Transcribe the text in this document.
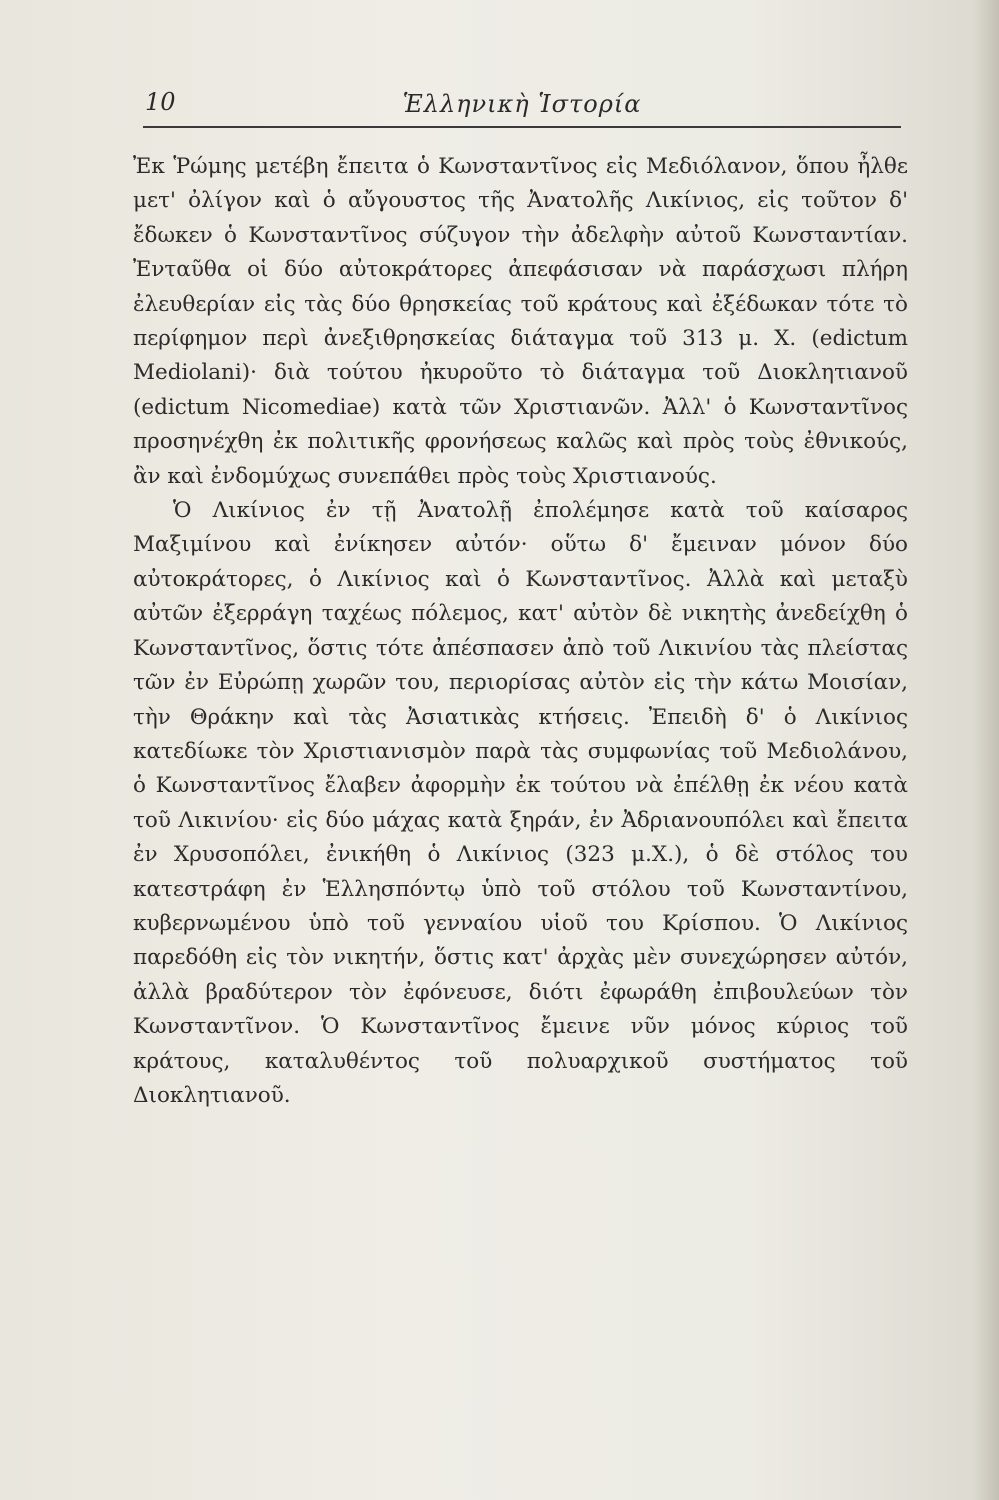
10	Ἑλληνικὴ Ἱστορία

Ἐκ Ῥώμης μετέβη ἔπειτα ὁ Κωνσταντῖνος εἰς Μεδιόλανον, ὅπου ἦλθε μετ' ὀλίγον καὶ ὁ αὔγουστος τῆς Ἀνατολῆς Λικίνιος, εἰς τοῦτον δ' ἔδωκεν ὁ Κωνσταντῖνος σύζυγον τὴν ἀδελφὴν αὐτοῦ Κωνσταντίαν. Ἐνταῦθα οἱ δύο αὐτοκράτορες ἀπεφάσισαν νὰ παράσχωσι πλήρη ἐλευθερίαν εἰς τὰς δύο θρησκείας τοῦ κράτους καὶ ἐξέδωκαν τότε τὸ περίφημον περὶ ἀνεξιθρησκείας διάταγμα τοῦ 313 μ. Χ. (edictum Mediolani)· διὰ τούτου ἠκυροῦτο τὸ διάταγμα τοῦ Διοκλητιανοῦ (edictum Nicomediae) κατὰ τῶν Χριστιανῶν. Ἀλλ' ὁ Κωνσταντῖνος προσηνέχθη ἐκ πολιτικῆς φρονήσεως καλῶς καὶ πρὸς τοὺς ἐθνικούς, ἂν καὶ ἐνδομύχως συνεπάθει πρὸς τοὺς Χριστιανούς.

Ὁ Λικίνιος ἐν τῇ Ἀνατολῇ ἐπολέμησε κατὰ τοῦ καίσαρος Μαξιμίνου καὶ ἐνίκησεν αὐτόν· οὕτω δ' ἔμειναν μόνον δύο αὐτοκράτορες, ὁ Λικίνιος καὶ ὁ Κωνσταντῖνος. Ἀλλὰ καὶ μεταξὺ αὐτῶν ἐξερράγη ταχέως πόλεμος, κατ' αὐτὸν δὲ νικητὴς ἀνεδείχθη ὁ Κωνσταντῖνος, ὅστις τότε ἀπέσπασεν ἀπὸ τοῦ Λικινίου τὰς πλείστας τῶν ἐν Εὐρώπῃ χωρῶν του, περιορίσας αὐτὸν εἰς τὴν κάτω Μοισίαν, τὴν Θράκην καὶ τὰς Ἀσιατικὰς κτήσεις. Ἐπειδὴ δ' ὁ Λικίνιος κατεδίωκε τὸν Χριστιανισμὸν παρὰ τὰς συμφωνίας τοῦ Μεδιολάνου, ὁ Κωνσταντῖνος ἔλαβεν ἀφορμὴν ἐκ τούτου νὰ ἐπέλθῃ ἐκ νέου κατὰ τοῦ Λικινίου· εἰς δύο μάχας κατὰ ξηράν, ἐν Ἀδριανουπόλει καὶ ἔπειτα ἐν Χρυσοπόλει, ἐνικήθη ὁ Λικίνιος (323 μ.Χ.), ὁ δὲ στόλος του κατεστράφη ἐν Ἑλλησπόντῳ ὑπὸ τοῦ στόλου τοῦ Κωνσταντίνου, κυβερνωμένου ὑπὸ τοῦ γενναίου υἱοῦ του Κρίσπου. Ὁ Λικίνιος παρεδόθη εἰς τὸν νικητήν, ὅστις κατ' ἀρχὰς μὲν συνεχώρησεν αὐτόν, ἀλλὰ βραδύτερον τὸν ἐφόνευσε, διότι ἐφωράθη ἐπιβουλεύων τὸν Κωνσταντῖνον. Ὁ Κωνσταντῖνος ἔμεινε νῦν μόνος κύριος τοῦ κράτους, καταλυθέντος τοῦ πολυαρχικοῦ συστήματος τοῦ Διοκλητιανοῦ.
